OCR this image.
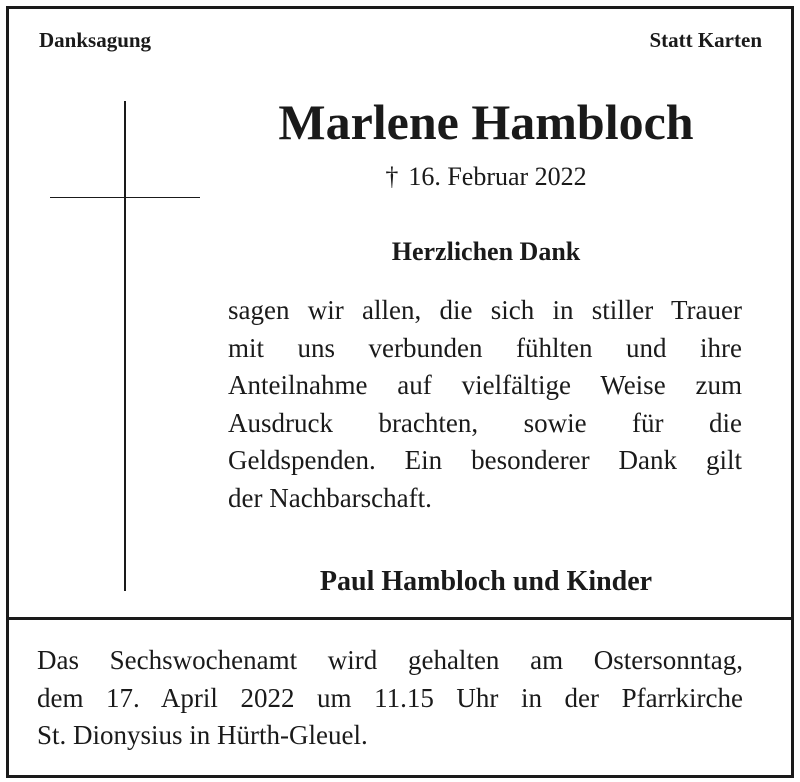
Danksagung	Statt Karten
Marlene Hambloch
† 16. Februar 2022
Herzlichen Dank
sagen wir allen, die sich in stiller Trauer
mit uns verbunden fühlten und ihre
Anteilnahme auf vielfältige Weise zum
Ausdruck brachten, sowie für die
Geldspenden. Ein besonderer Dank gilt
der Nachbarschaft.
Paul Hambloch und Kinder
Das Sechswochenamt wird gehalten am Ostersonntag,
dem 17. April 2022 um 11.15 Uhr in der Pfarrkirche
St. Dionysius in Hürth-Gleuel.
